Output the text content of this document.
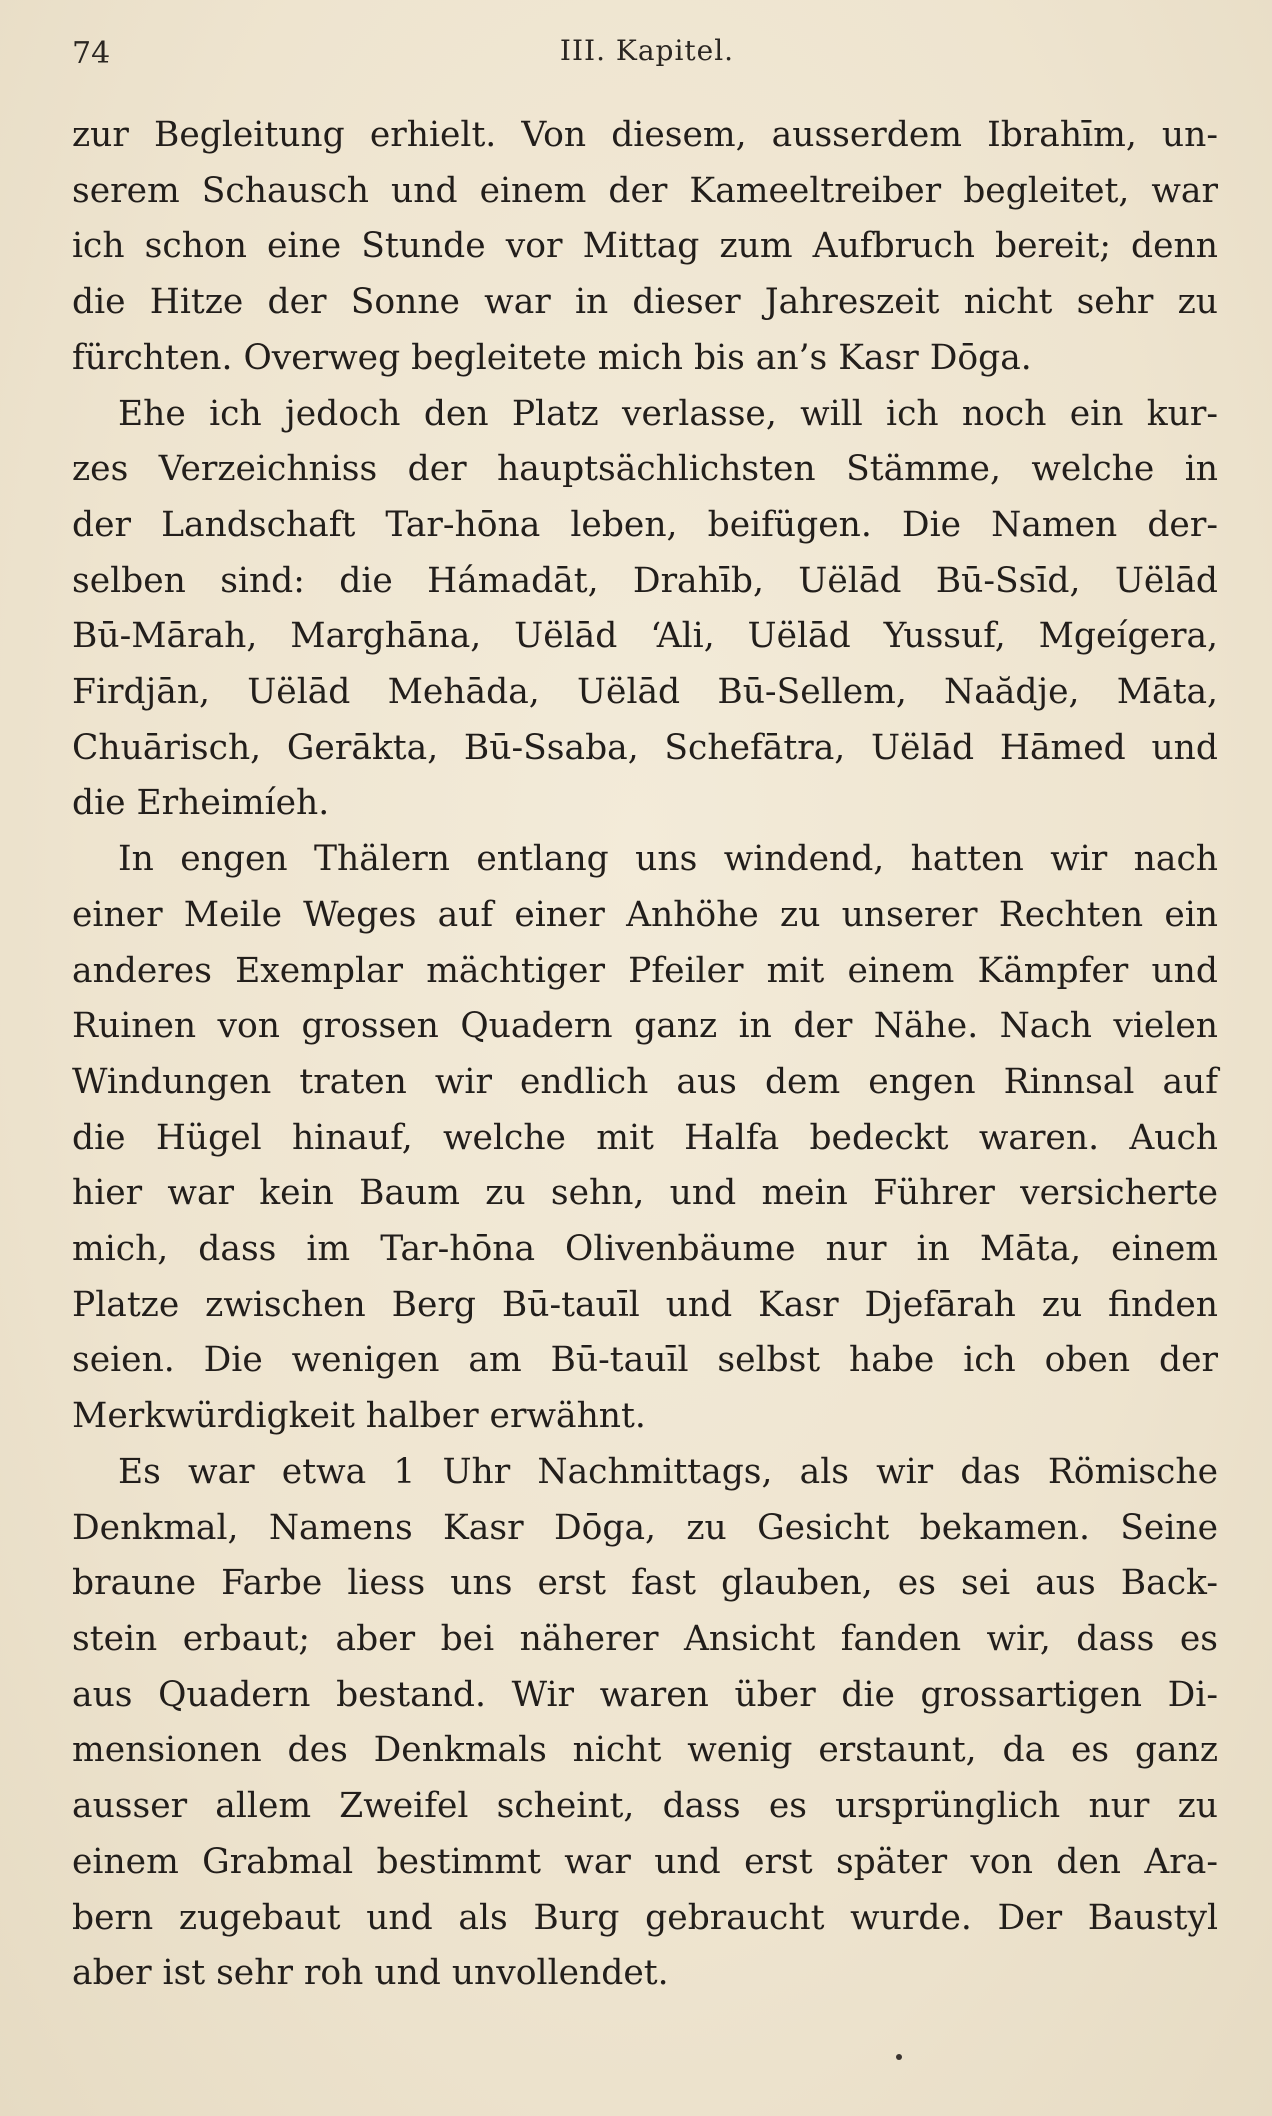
74	III. Kapitel.
zur Begleitung erhielt. Von diesem, ausserdem Ibrahīm, un-
serem Schausch und einem der Kameeltreiber begleitet, war
ich schon eine Stunde vor Mittag zum Aufbruch bereit; denn
die Hitze der Sonne war in dieser Jahreszeit nicht sehr zu
fürchten. Overweg begleitete mich bis an’s Kasr Dōga.
Ehe ich jedoch den Platz verlasse, will ich noch ein kur-
zes Verzeichniss der hauptsächlichsten Stämme, welche in
der Landschaft Tar-hōna leben, beifügen. Die Namen der-
selben sind: die Hámadāt, Drahīb, Uëlād Bū-Ssīd, Uëlād
Bū-Mārah, Marghāna, Uëlād ‘Ali, Uëlād Yussuf, Mgeígera,
Firdjān, Uëlād Mehāda, Uëlād Bū-Sellem, Naădje, Māta,
Chuārisch, Gerākta, Bū-Ssaba, Schefātra, Uëlād Hāmed und
die Erheimíeh.
In engen Thälern entlang uns windend, hatten wir nach
einer Meile Weges auf einer Anhöhe zu unserer Rechten ein
anderes Exemplar mächtiger Pfeiler mit einem Kämpfer und
Ruinen von grossen Quadern ganz in der Nähe. Nach vielen
Windungen traten wir endlich aus dem engen Rinnsal auf
die Hügel hinauf, welche mit Halfa bedeckt waren. Auch
hier war kein Baum zu sehn, und mein Führer versicherte
mich, dass im Tar-hōna Olivenbäume nur in Māta, einem
Platze zwischen Berg Bū-tauīl und Kasr Djefārah zu finden
seien. Die wenigen am Bū-tauīl selbst habe ich oben der
Merkwürdigkeit halber erwähnt.
Es war etwa 1 Uhr Nachmittags, als wir das Römische
Denkmal, Namens Kasr Dōga, zu Gesicht bekamen. Seine
braune Farbe liess uns erst fast glauben, es sei aus Back-
stein erbaut; aber bei näherer Ansicht fanden wir, dass es
aus Quadern bestand. Wir waren über die grossartigen Di-
mensionen des Denkmals nicht wenig erstaunt, da es ganz
ausser allem Zweifel scheint, dass es ursprünglich nur zu
einem Grabmal bestimmt war und erst später von den Ara-
bern zugebaut und als Burg gebraucht wurde. Der Baustyl
aber ist sehr roh und unvollendet.
